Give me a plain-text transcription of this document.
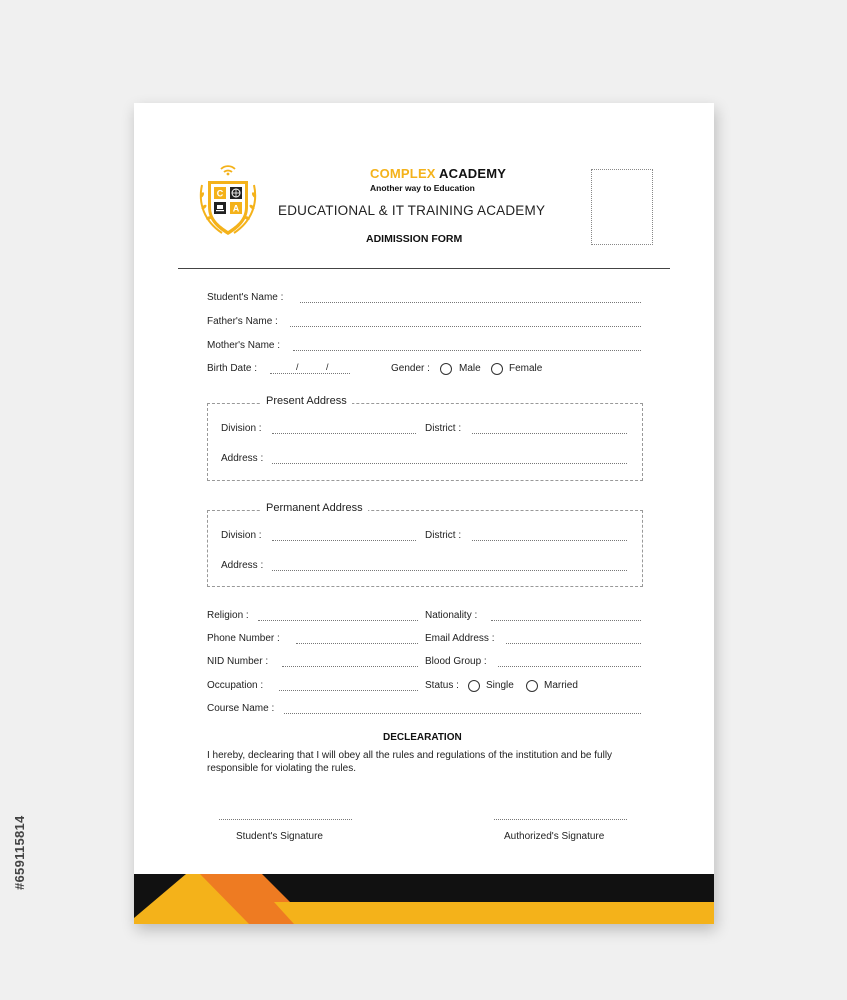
#659115814
C
A
COMPLEX ACADEMY
Another way to Education
EDUCATIONAL & IT TRAINING ACADEMY
ADIMISSION FORM
Student's Name :
Father's Name :
Mother's Name :
Birth Date :	/	/	Gender :	Male	Female
Present Address
Division :	District :
Address :
Permanent Address
Division :	District :
Address :
Religion :	Nationality :
Phone Number :	Email Address :
NID Number :	Blood Group :
Occupation :	Status :	Single	Married
Course Name :
DECLEARATION
I hereby, declearing that I will obey all the rules and regulations of the institution and be fully responsible for violating the rules.
Student's Signature	Authorized's Signature
